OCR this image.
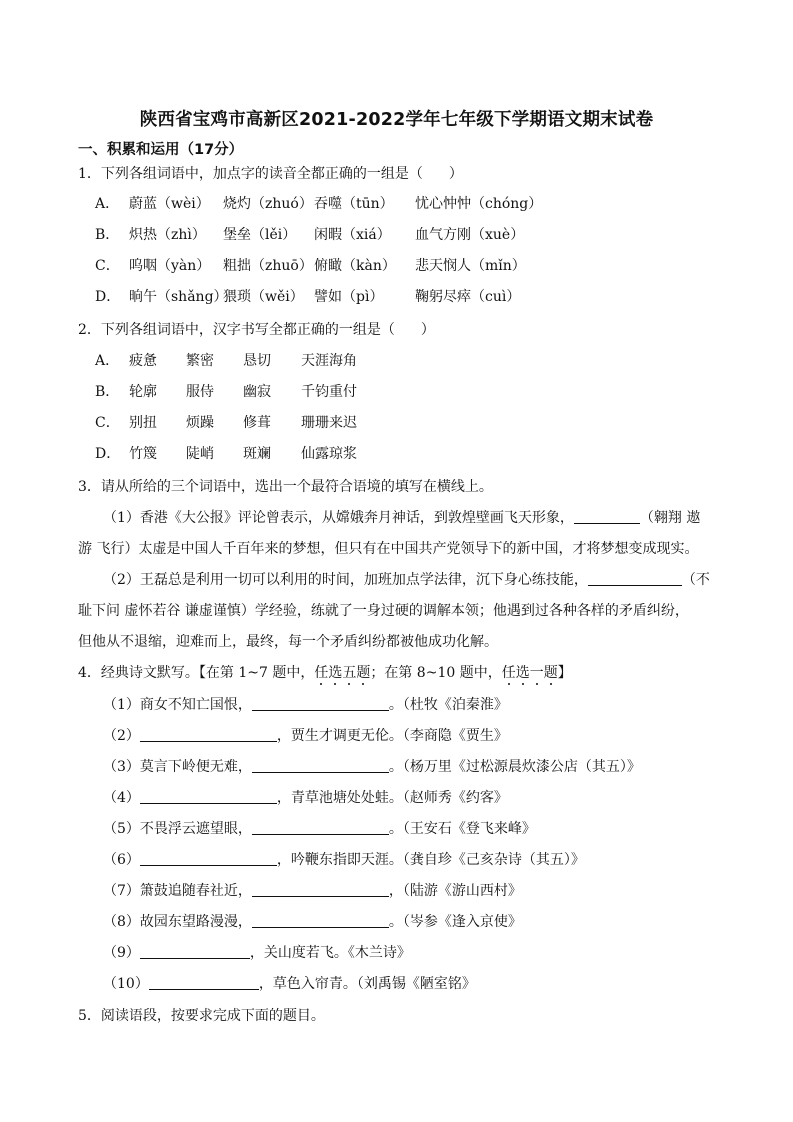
陕西省宝鸡市高新区2021-2022学年七年级下学期语文期末试卷
一、积累和运用（17分）
1．下列各组词语中，加点字的读音全都正确的一组是（ ）
A． 蔚蓝（wèi） 烧灼（zhuó）吞噬（tūn） 忧心忡忡（chóng）
B． 炽热（zhì） 堡垒（lěi） 闲暇（xiá） 血气方刚（xuè）
C． 呜咽（yàn） 粗拙（zhuō）俯瞰（kàn） 悲天悯人（mǐn）
D． 晌午（shǎng）猥琐（wěi） 譬如（pì） 鞠躬尽瘁（cuì）
2．下列各组词语中，汉字书写全都正确的一组是（ ）
A． 疲惫 繁密 恳切 天涯海角
B． 轮廓 服侍 幽寂 千钧重付
C． 别扭 烦躁 修葺 珊珊来迟
D． 竹篾 陡峭 斑斓 仙露琼浆
3．请从所给的三个词语中，选出一个最符合语境的填写在横线上。
（1）香港《大公报》评论曾表示，从嫦娥奔月神话，到敦煌壁画飞天形象，	（翱翔 遨
游 飞行）太虚是中国人千百年来的梦想，但只有在中国共产党领导下的新中国，才将梦想变成现实。
（2）王磊总是利用一切可以利用的时间，加班加点学法律，沉下身心练技能，	（不
耻下问 虚怀若谷 谦虚谨慎）学经验，练就了一身过硬的调解本领；他遇到过各种各样的矛盾纠纷，
但他从不退缩，迎难而上，最终，每一个矛盾纠纷都被他成功化解。
4．经典诗文默写。【在第 1~7 题中，任选五题；在第 8~10 题中，任选一题】
（1）商女不知亡国恨，	。（杜牧《泊秦淮》
（2）	，贾生才调更无伦。（李商隐《贾生》
（3）莫言下岭便无难，	。（杨万里《过松源晨炊漆公店（其五）》
（4）	，青草池塘处处蛙。（赵师秀《约客》
（5）不畏浮云遮望眼，	。（王安石《登飞来峰》
（6）	，吟鞭东指即天涯。（龚自珍《己亥杂诗（其五）》
（7）箫鼓追随春社近，	，（陆游《游山西村》
（8）故园东望路漫漫，	。（岑参《逢入京使》
（9）	，关山度若飞。《木兰诗》
（10）	，草色入帘青。（刘禹锡《陋室铭》
5．阅读语段，按要求完成下面的题目。
